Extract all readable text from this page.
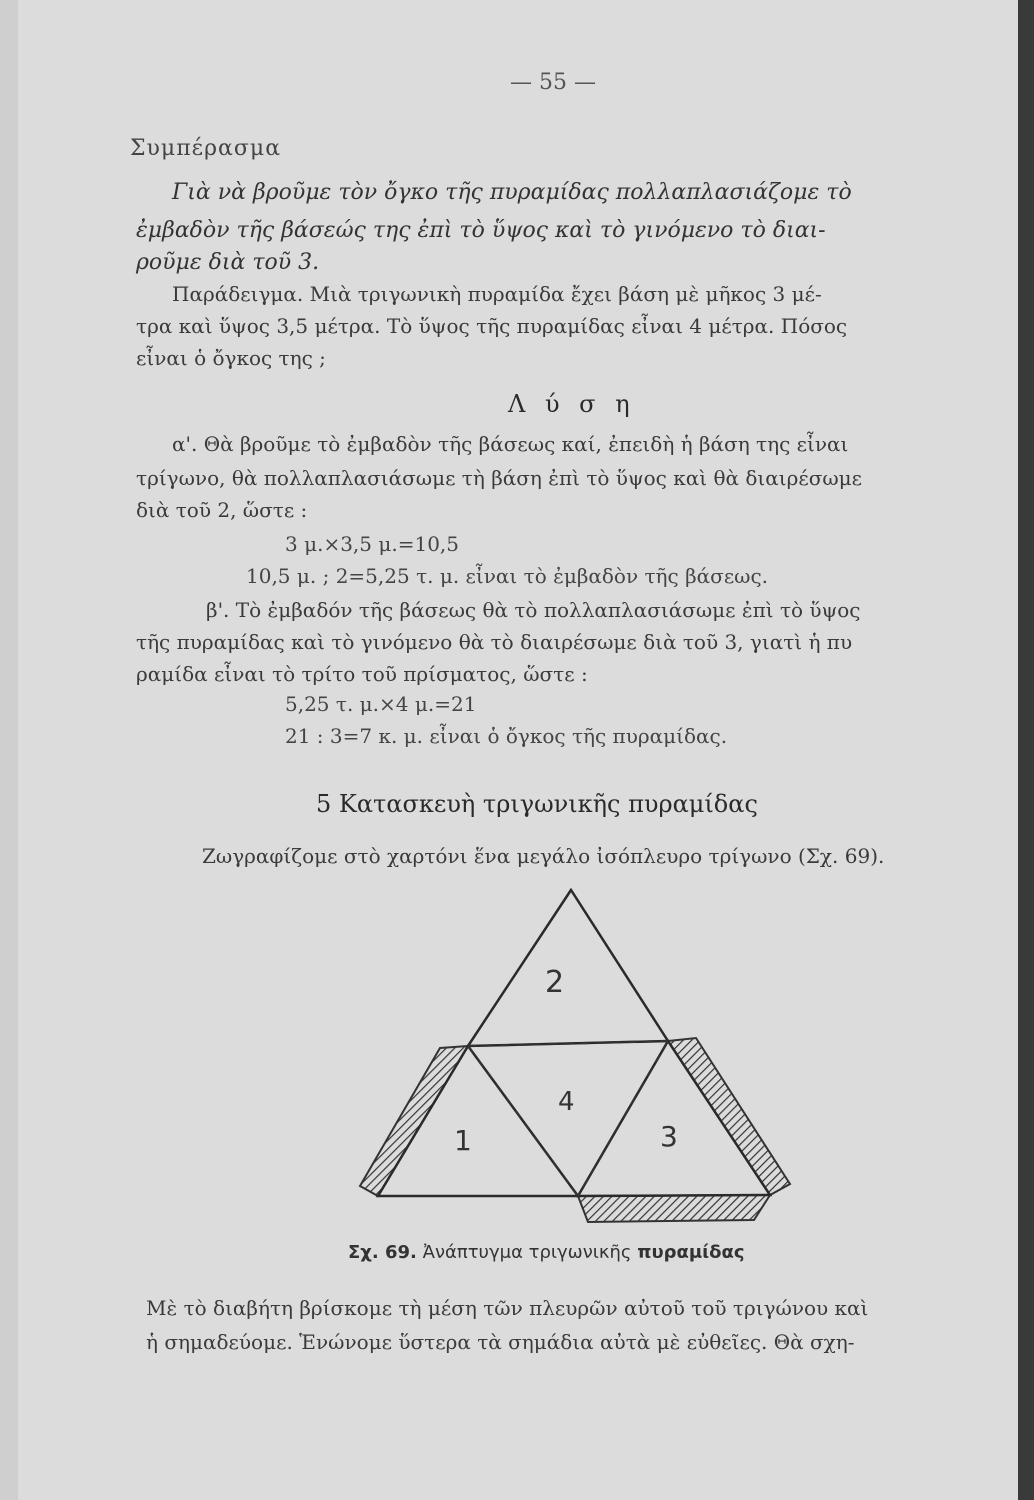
— 55 —
Συμπέρασμα
Γιὰ νὰ βροῦμε τὸν ὄγκο τῆς πυραμίδας πολλαπλασιάζομε τὸ
ἐμβαδὸν τῆς βάσεώς της ἐπὶ τὸ ὕψος καὶ τὸ γινόμενο τὸ διαι-
ροῦμε διὰ τοῦ 3.
Παράδειγμα. Μιὰ τριγωνικὴ πυραμίδα ἔχει βάση μὲ μῆκος 3 μέ-
τρα καὶ ὕψος 3,5 μέτρα. Τὸ ὕψος τῆς πυραμίδας εἶναι 4 μέτρα. Πόσος
εἶναι ὁ ὄγκος της ;
Λ ύ σ η
α'. Θὰ βροῦμε τὸ ἐμβαδὸν τῆς βάσεως καί, ἐπειδὴ ἡ βάση της εἶναι
τρίγωνο, θὰ πολλαπλασιάσωμε τὴ βάση ἐπὶ τὸ ὕψος καὶ θὰ διαιρέσωμε
διὰ τοῦ 2, ὥστε :
3 μ.×3,5 μ.=10,5
10,5 μ. ; 2=5,25 τ. μ. εἶναι τὸ ἐμβαδὸν τῆς βάσεως.
β'. Τὸ ἐμβαδόν τῆς βάσεως θὰ τὸ πολλαπλασιάσωμε ἐπὶ τὸ ὕψος
τῆς πυραμίδας καὶ τὸ γινόμενο θὰ τὸ διαιρέσωμε διὰ τοῦ 3, γιατὶ ἡ πυ
ραμίδα εἶναι τὸ τρίτο τοῦ πρίσματος, ὥστε :
5,25 τ. μ.×4 μ.=21
21 : 3=7 κ. μ. εἶναι ὁ ὄγκος τῆς πυραμίδας.
5 Κατασκευὴ τριγωνικῆς πυραμίδας
Ζωγραφίζομε στὸ χαρτόνι ἕνα μεγάλο ἰσόπλευρο τρίγωνο (Σχ. 69).
2
4
1	3
Σχ. 69. Ἀνάπτυγμα τριγωνικῆς πυραμίδας
Μὲ τὸ διαβήτη βρίσκομε τὴ μέση τῶν πλευρῶν αὐτοῦ τοῦ τριγώνου καὶ
ἡ σημαδεύομε. Ἑνώνομε ὕστερα τὰ σημάδια αὐτὰ μὲ εὐθεῖες. Θὰ σχη-
